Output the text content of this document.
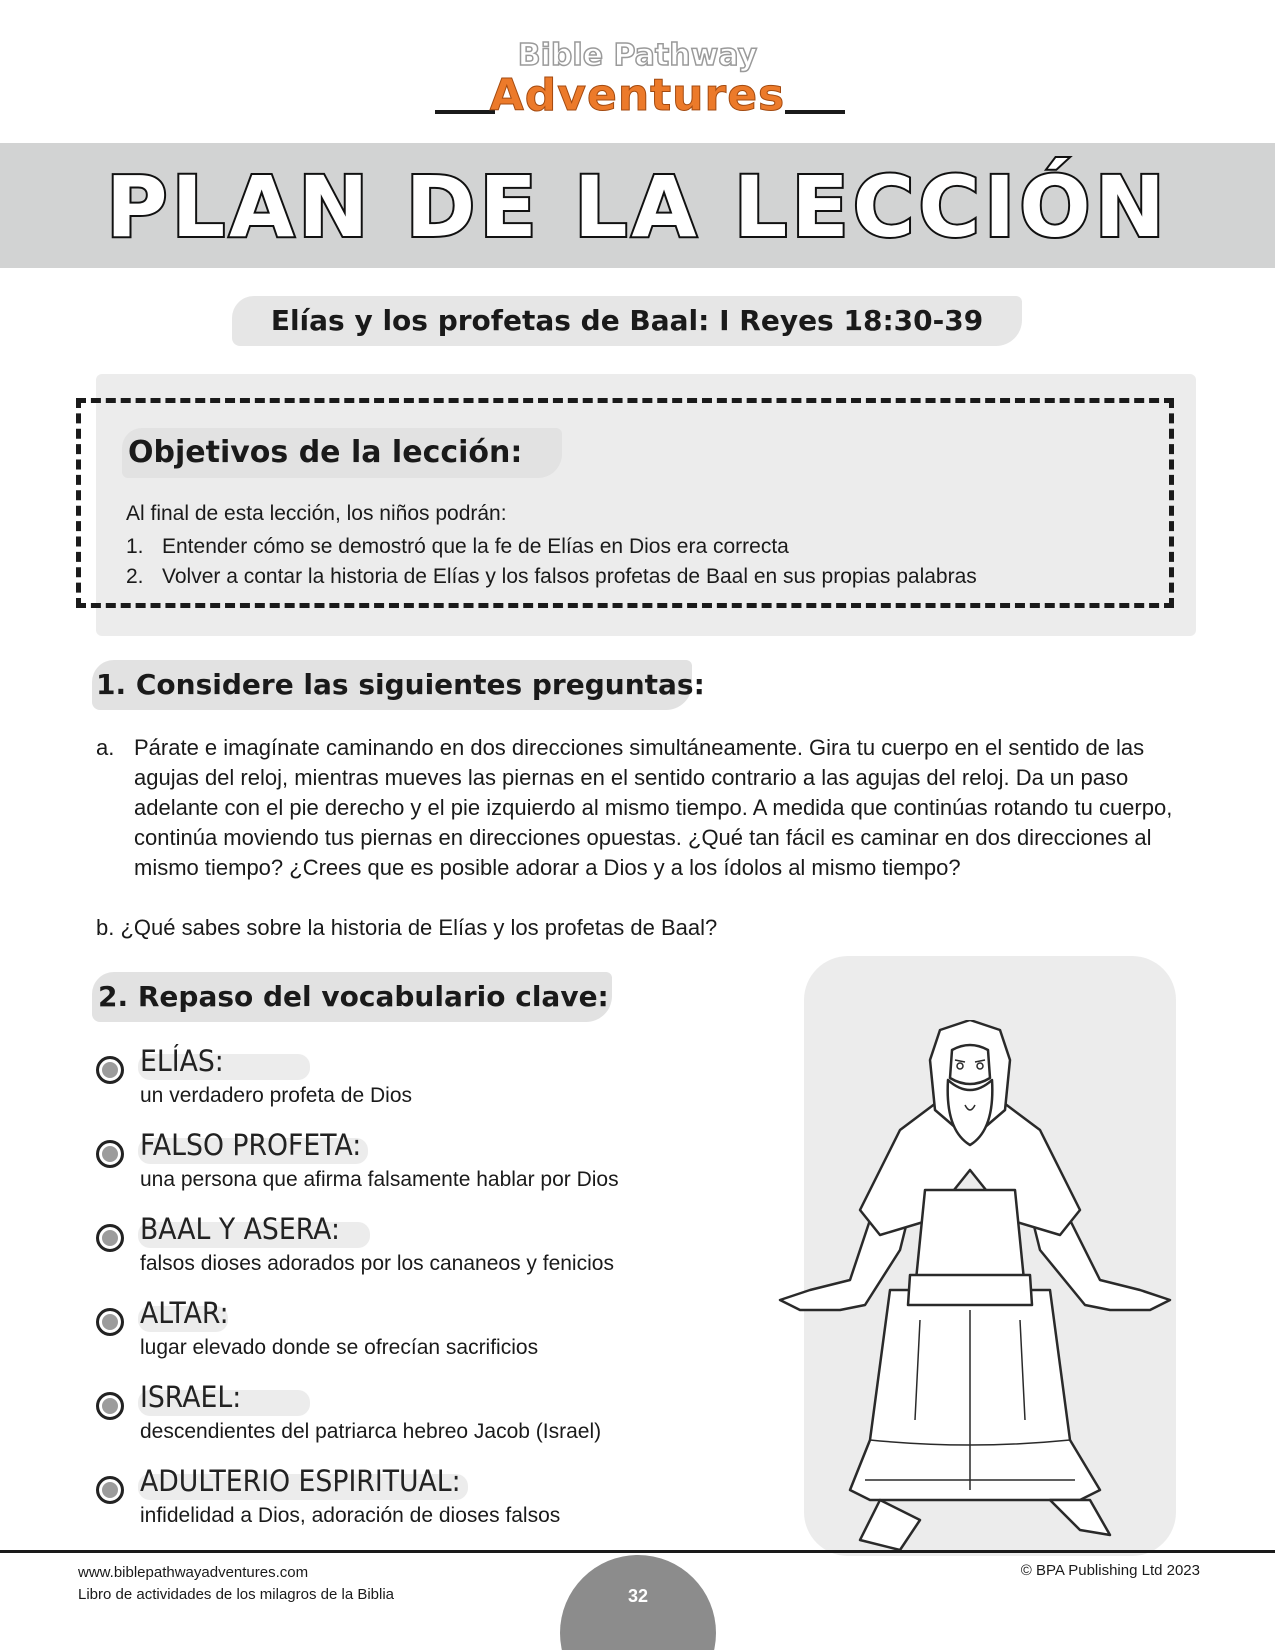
Bible Pathway
Adventures
PLAN DE LA LECCIÓN
Elías y los profetas de Baal: I Reyes 18:30-39
Objetivos de la lección:
Al final de esta lección, los niños podrán:
1. Entender cómo se demostró que la fe de Elías en Dios era correcta
2. Volver a contar la historia de Elías y los falsos profetas de Baal en sus propias palabras
1. Considere las siguientes preguntas:
a. Párate e imagínate caminando en dos direcciones simultáneamente. Gira tu cuerpo en el sentido de las agujas del reloj, mientras mueves las piernas en el sentido contrario a las agujas del reloj. Da un paso adelante con el pie derecho y el pie izquierdo al mismo tiempo. A medida que continúas rotando tu cuerpo, continúa moviendo tus piernas en direcciones opuestas. ¿Qué tan fácil es caminar en dos direcciones al mismo tiempo? ¿Crees que es posible adorar a Dios y a los ídolos al mismo tiempo?
b. ¿Qué sabes sobre la historia de Elías y los profetas de Baal?
2. Repaso del vocabulario clave:
ELÍAS:
un verdadero profeta de Dios
FALSO PROFETA:
una persona que afirma falsamente hablar por Dios
BAAL Y ASERA:
falsos dioses adorados por los cananeos y fenicios
ALTAR:
lugar elevado donde se ofrecían sacrificios
ISRAEL:
descendientes del patriarca hebreo Jacob (Israel)
ADULTERIO ESPIRITUAL:
infidelidad a Dios, adoración de dioses falsos
www.biblepathwayadventures.com
Libro de actividades de los milagros de la Biblia
© BPA Publishing Ltd 2023
32
